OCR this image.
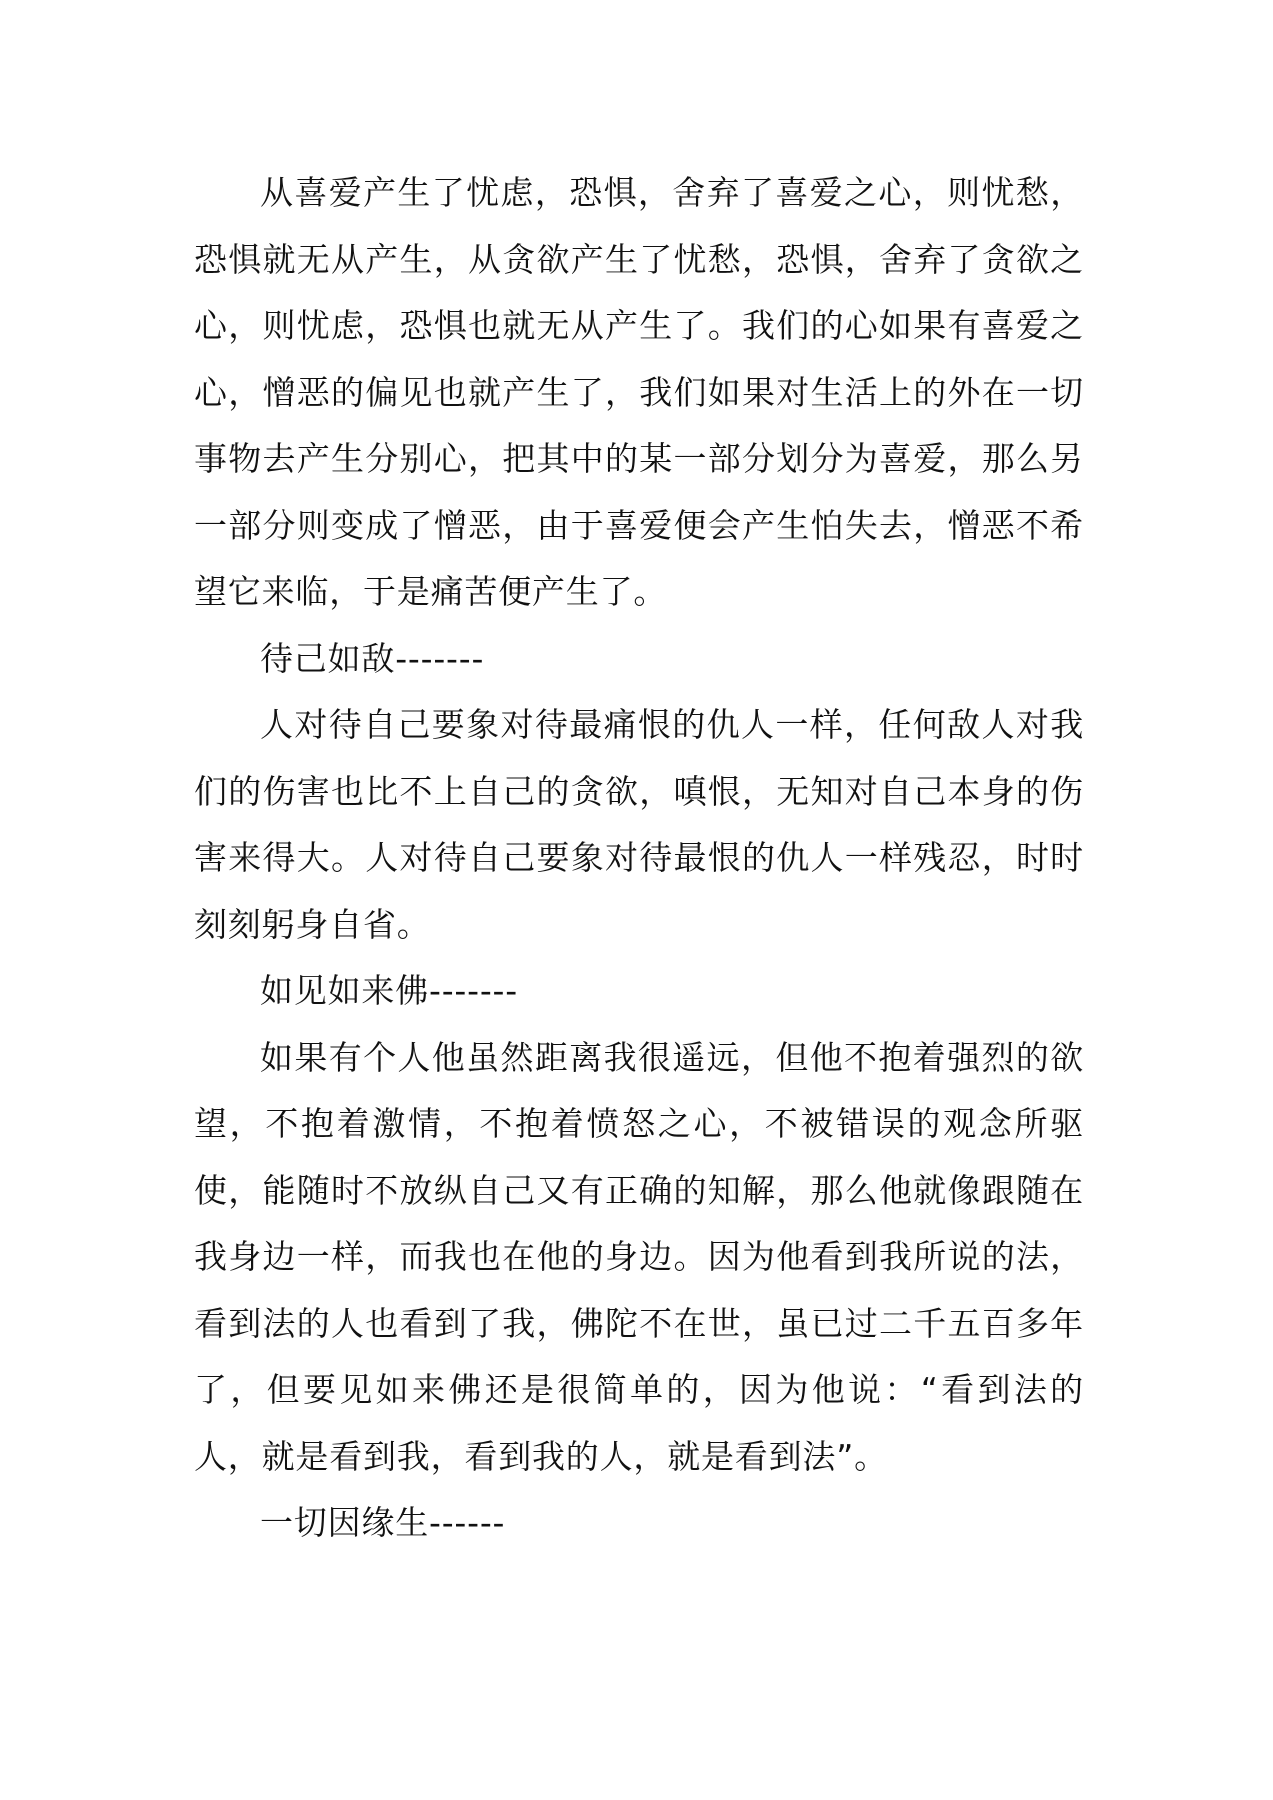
从喜爱产生了忧虑，恐惧，舍弃了喜爱之心，则忧愁，恐惧就无从产生，从贪欲产生了忧愁，恐惧，舍弃了贪欲之心，则忧虑，恐惧也就无从产生了。我们的心如果有喜爱之心，憎恶的偏见也就产生了，我们如果对生活上的外在一切事物去产生分别心，把其中的某一部分划分为喜爱，那么另一部分则变成了憎恶，由于喜爱便会产生怕失去，憎恶不希望它来临，于是痛苦便产生了。

待己如敌-------

人对待自己要象对待最痛恨的仇人一样，任何敌人对我们的伤害也比不上自己的贪欲，嗔恨，无知对自己本身的伤害来得大。人对待自己要象对待最恨的仇人一样残忍，时时刻刻躬身自省。

如见如来佛-------

如果有个人他虽然距离我很遥远，但他不抱着强烈的欲望，不抱着激情，不抱着愤怒之心，不被错误的观念所驱使，能随时不放纵自己又有正确的知解，那么他就像跟随在我身边一样，而我也在他的身边。因为他看到我所说的法，看到法的人也看到了我，佛陀不在世，虽已过二千五百多年了，但要见如来佛还是很简单的，因为他说：“看到法的人，就是看到我，看到我的人，就是看到法”。

一切因缘生------
